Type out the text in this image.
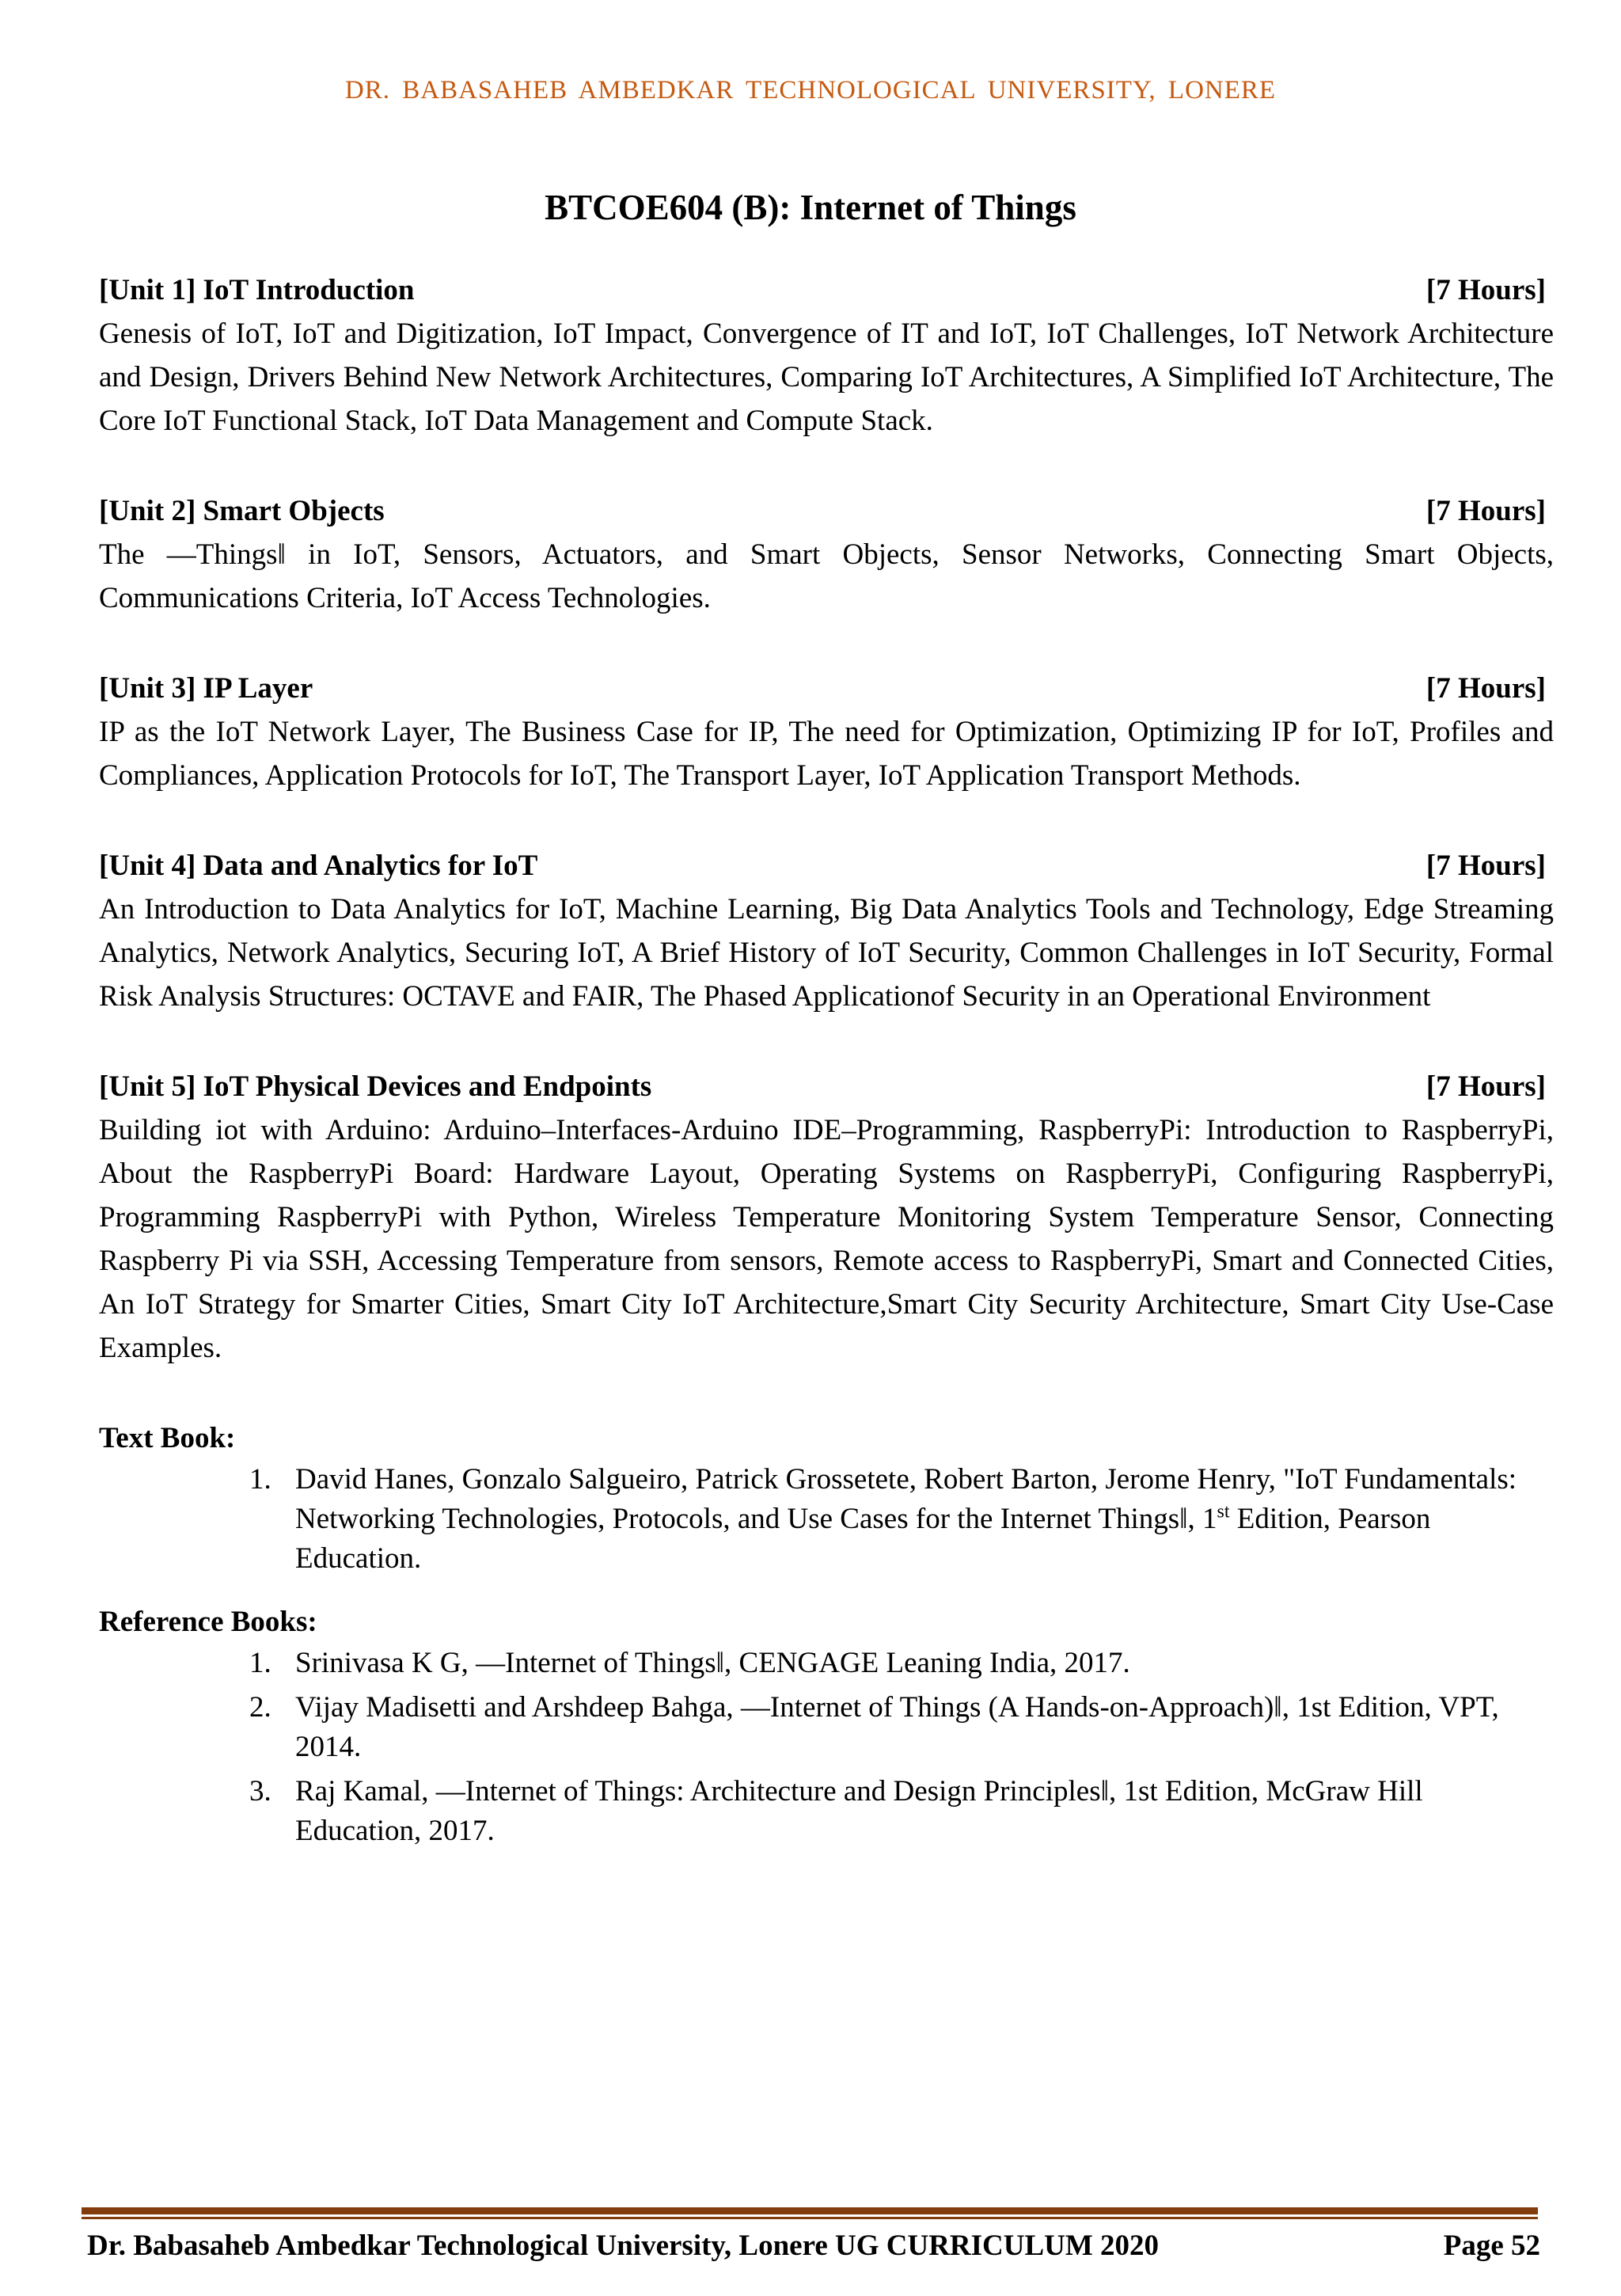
DR. BABASAHEB AMBEDKAR TECHNOLOGICAL UNIVERSITY, LONERE
BTCOE604 (B): Internet of Things
[Unit 1] IoT Introduction	[7 Hours]
Genesis of IoT, IoT and Digitization, IoT Impact, Convergence of IT and IoT, IoT Challenges, IoT Network Architecture and Design, Drivers Behind New Network Architectures, Comparing IoT Architectures, A Simplified IoT Architecture, The Core IoT Functional Stack, IoT Data Management and Compute Stack.
[Unit 2] Smart Objects	[7 Hours]
The ―Things‖ in IoT, Sensors, Actuators, and Smart Objects, Sensor Networks, Connecting Smart Objects, Communications Criteria, IoT Access Technologies.
[Unit 3] IP Layer	[7 Hours]
IP as the IoT Network Layer, The Business Case for IP, The need for Optimization, Optimizing IP for IoT, Profiles and Compliances, Application Protocols for IoT, The Transport Layer, IoT Application Transport Methods.
[Unit 4] Data and Analytics for IoT	[7 Hours]
An Introduction to Data Analytics for IoT, Machine Learning, Big Data Analytics Tools and Technology, Edge Streaming Analytics, Network Analytics, Securing IoT, A Brief History of IoT Security, Common Challenges in IoT Security, Formal Risk Analysis Structures: OCTAVE and FAIR, The Phased Applicationof Security in an Operational Environment
[Unit 5] IoT Physical Devices and Endpoints	[7 Hours]
Building iot with Arduino: Arduino–Interfaces-Arduino IDE–Programming, RaspberryPi: Introduction to RaspberryPi, About the RaspberryPi Board: Hardware Layout, Operating Systems on RaspberryPi, Configuring RaspberryPi, Programming RaspberryPi with Python, Wireless Temperature Monitoring System Temperature Sensor, Connecting Raspberry Pi via SSH, Accessing Temperature from sensors, Remote access to RaspberryPi, Smart and Connected Cities, An IoT Strategy for Smarter Cities, Smart City IoT Architecture,Smart City Security Architecture, Smart City Use-Case Examples.
Text Book:
1. David Hanes, Gonzalo Salgueiro, Patrick Grossetete, Robert Barton, Jerome Henry, "IoT Fundamentals: Networking Technologies, Protocols, and Use Cases for the Internet Things‖, 1st Edition, Pearson Education.
Reference Books:
1. Srinivasa K G, ―Internet of Things‖, CENGAGE Leaning India, 2017.
2. Vijay Madisetti and Arshdeep Bahga, ―Internet of Things (A Hands-on-Approach)‖, 1st Edition, VPT, 2014.
3. Raj Kamal, ―Internet of Things: Architecture and Design Principles‖, 1st Edition, McGraw Hill Education, 2017.
Dr. Babasaheb Ambedkar Technological University, Lonere UG CURRICULUM 2020	Page 52
